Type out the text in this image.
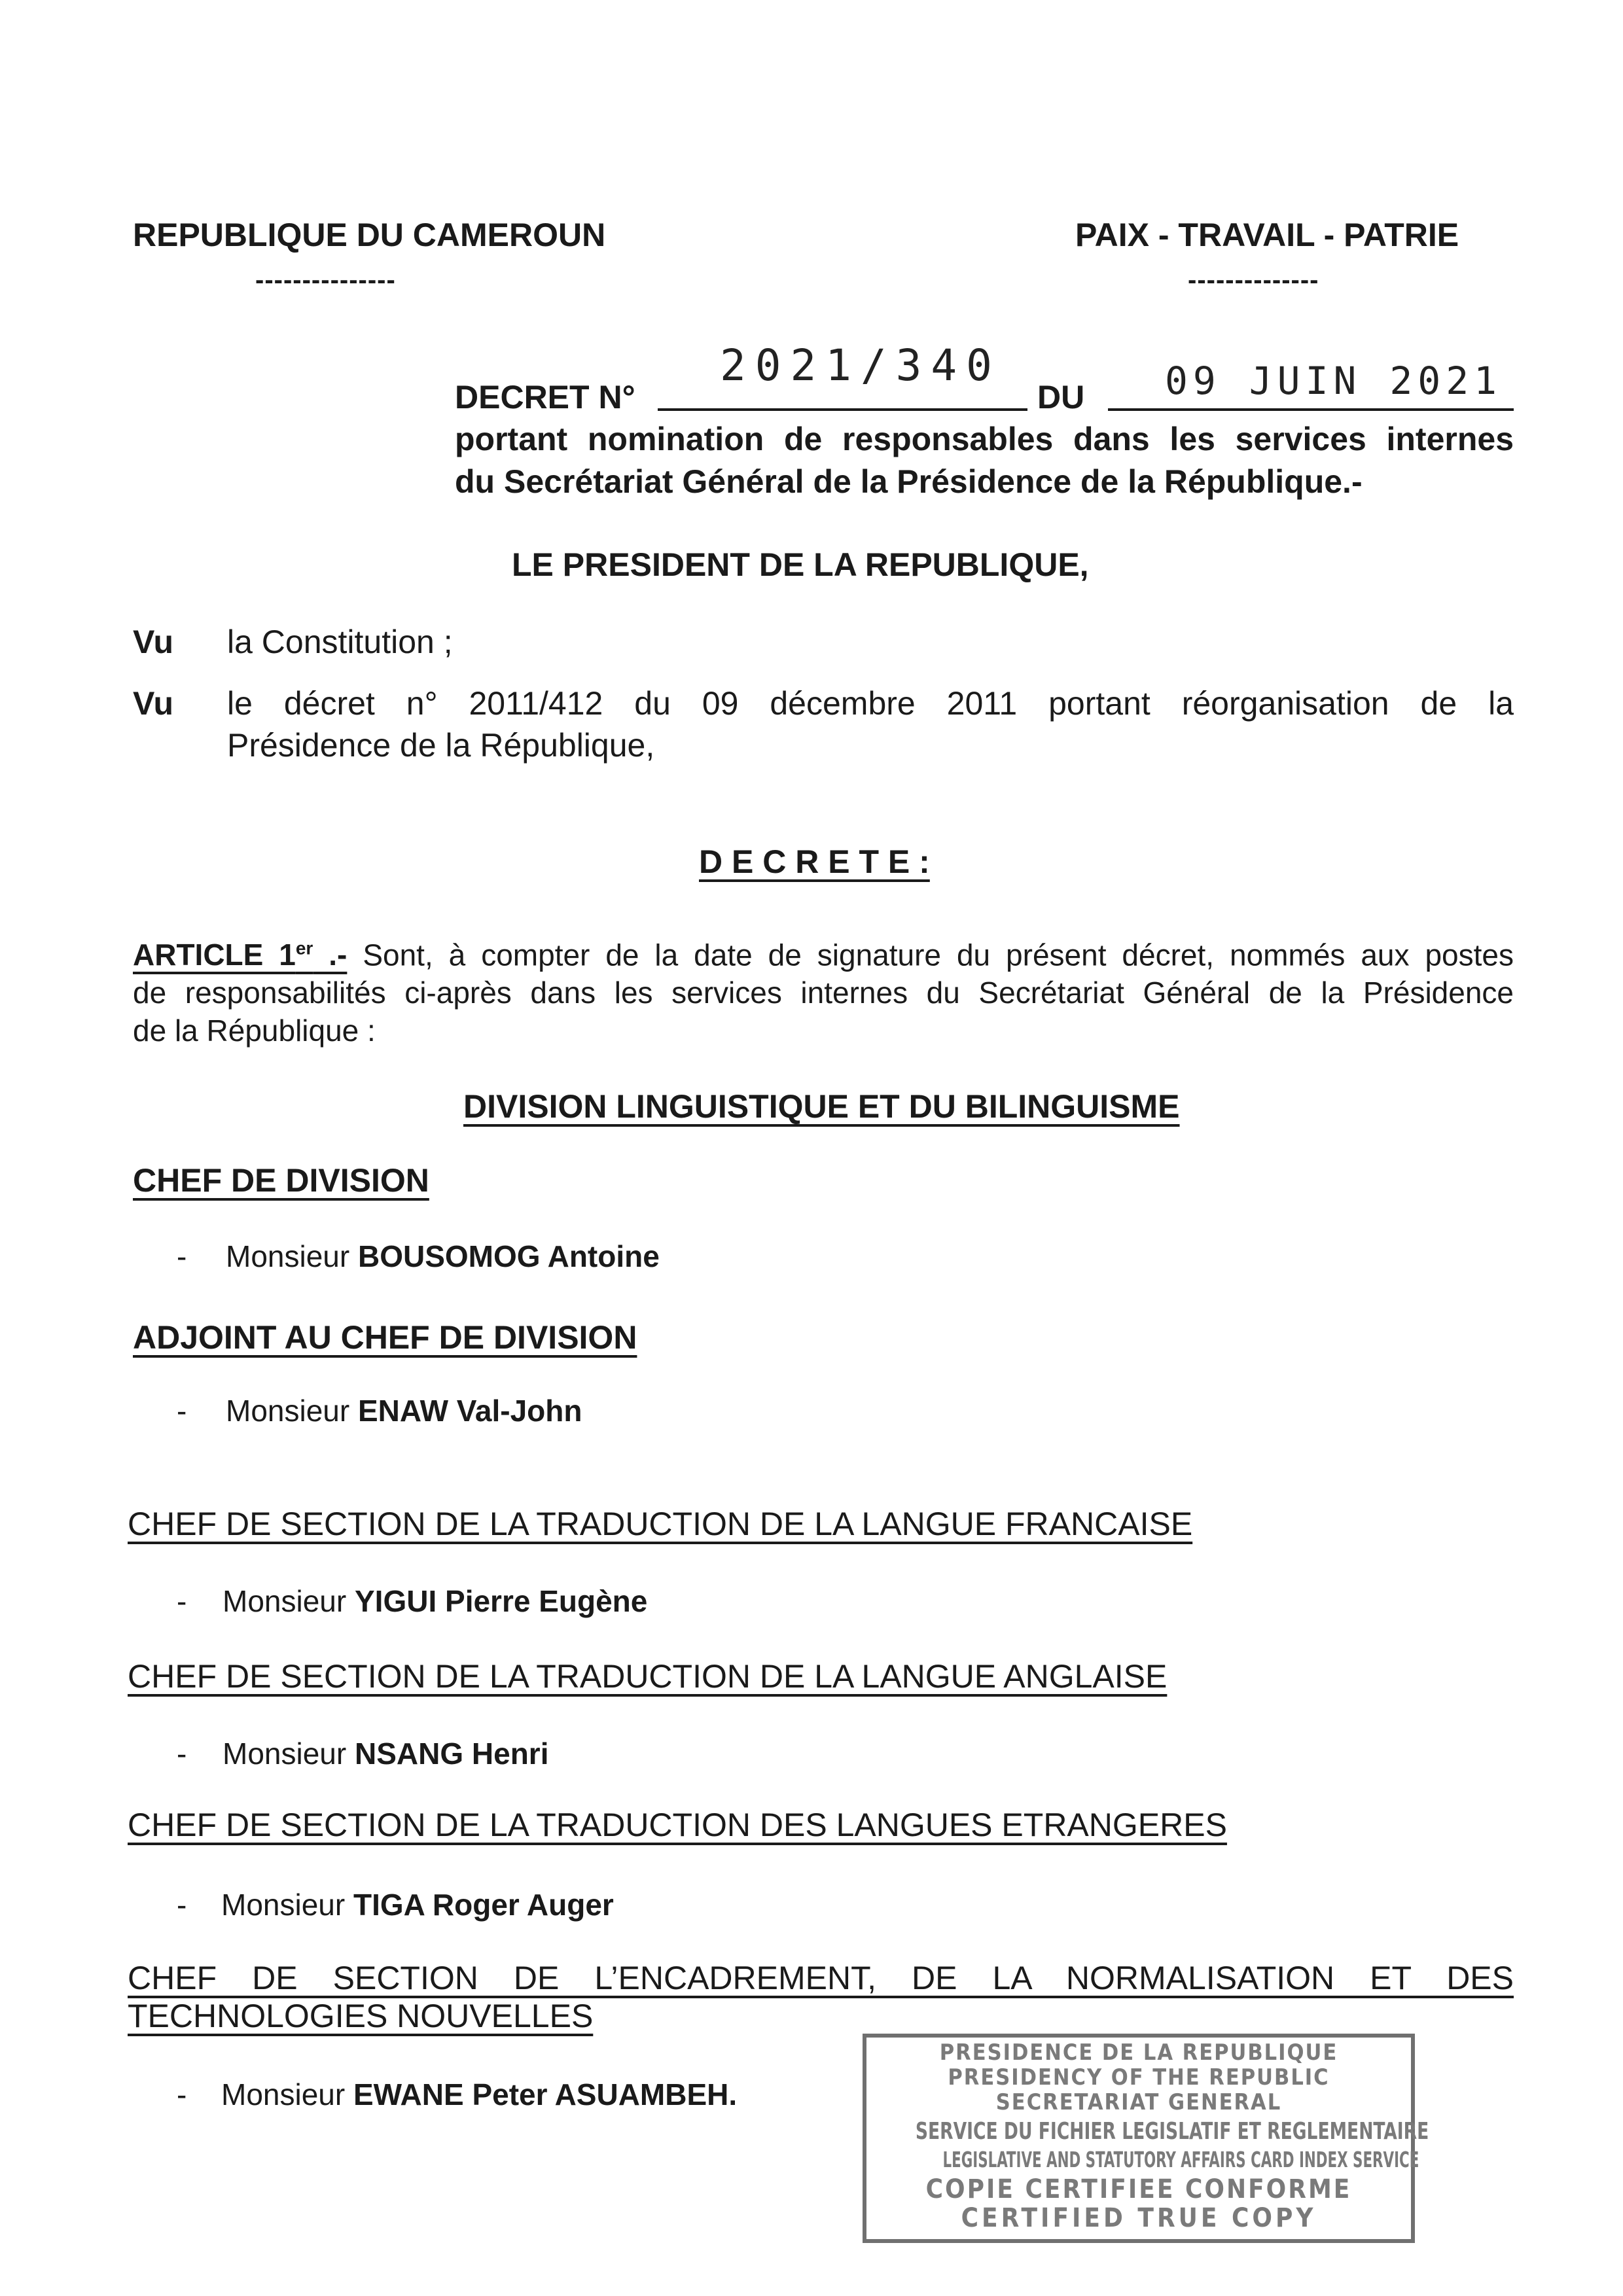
REPUBLIQUE DU CAMEROUN
---------------
PAIX - TRAVAIL - PATRIE
--------------
DECRET N°
2021/340
DU 09 JUIN 2021
portant nomination de responsables dans les services internes
du Secrétariat Général de la Présidence de la République.-
LE PRESIDENT DE LA REPUBLIQUE,
Vu la Constitution ;
Vu le décret n° 2011/412 du 09 décembre 2011 portant réorganisation de la
Présidence de la République,
D E C R E T E :
ARTICLE 1er .- Sont, à compter de la date de signature du présent décret, nommés aux postes
de responsabilités ci-après dans les services internes du Secrétariat Général de la Présidence
de la République :
DIVISION LINGUISTIQUE ET DU BILINGUISME
CHEF DE DIVISION
- Monsieur BOUSOMOG Antoine
ADJOINT AU CHEF DE DIVISION
- Monsieur ENAW Val-John
CHEF DE SECTION DE LA TRADUCTION DE LA LANGUE FRANCAISE
- Monsieur YIGUI Pierre Eugène
CHEF DE SECTION DE LA TRADUCTION DE LA LANGUE ANGLAISE
- Monsieur NSANG Henri
CHEF DE SECTION DE LA TRADUCTION DES LANGUES ETRANGERES
- Monsieur TIGA Roger Auger
CHEF DE SECTION DE L’ENCADREMENT, DE LA NORMALISATION ET DES
TECHNOLOGIES NOUVELLES
- Monsieur EWANE Peter ASUAMBEH.
PRESIDENCE DE LA REPUBLIQUE
PRESIDENCY OF THE REPUBLIC
SECRETARIAT GENERAL
SERVICE DU FICHIER LEGISLATIF ET REGLEMENTAIRE
LEGISLATIVE AND STATUTORY AFFAIRS CARD INDEX SERVICE
COPIE CERTIFIEE CONFORME
CERTIFIED TRUE COPY
